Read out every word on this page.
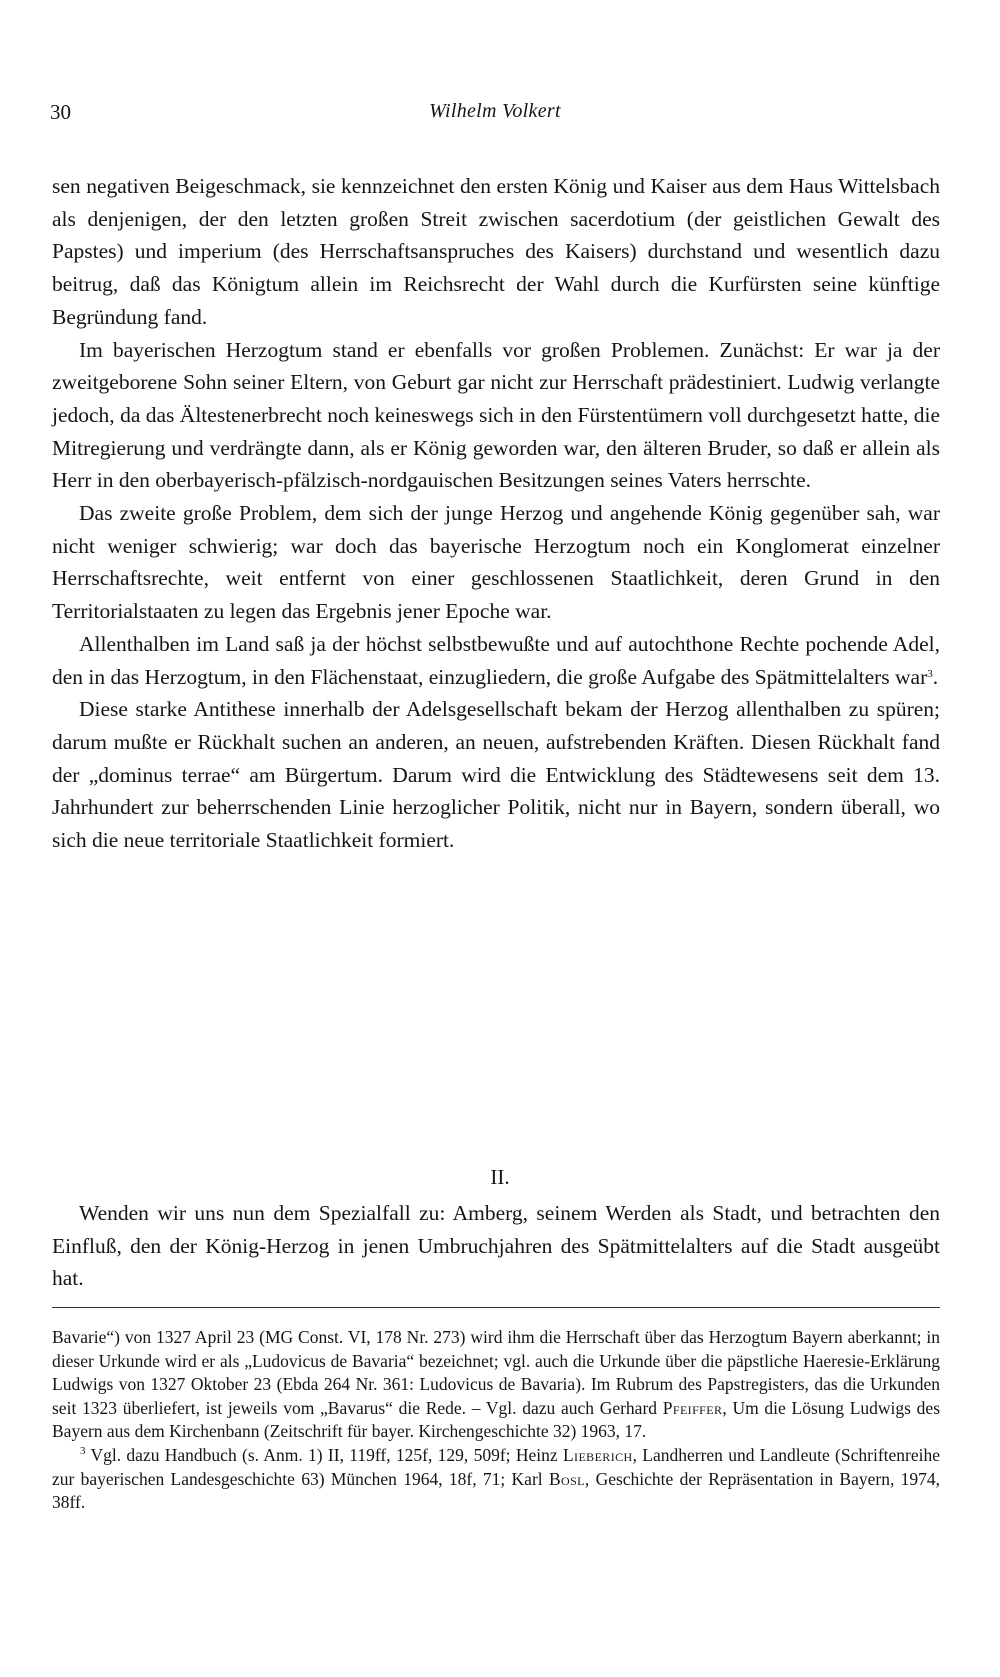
30	Wilhelm Volkert

sen negativen Beigeschmack, sie kennzeichnet den ersten König und Kaiser aus dem Haus Wittelsbach als denjenigen, der den letzten großen Streit zwischen sacerdotium (der geistlichen Gewalt des Papstes) und imperium (des Herrschaftsanspruches des Kaisers) durchstand und wesentlich dazu beitrug, daß das Königtum allein im Reichsrecht der Wahl durch die Kurfürsten seine künftige Begründung fand.

Im bayerischen Herzogtum stand er ebenfalls vor großen Problemen. Zunächst: Er war ja der zweitgeborene Sohn seiner Eltern, von Geburt gar nicht zur Herrschaft prädestiniert. Ludwig verlangte jedoch, da das Ältestenerbrecht noch keineswegs sich in den Fürstentümern voll durchgesetzt hatte, die Mitregierung und verdrängte dann, als er König geworden war, den älteren Bruder, so daß er allein als Herr in den oberbayerisch-pfälzisch-nordgauischen Besitzungen seines Vaters herrschte.

Das zweite große Problem, dem sich der junge Herzog und angehende König gegenüber sah, war nicht weniger schwierig; war doch das bayerische Herzogtum noch ein Konglomerat einzelner Herrschaftsrechte, weit entfernt von einer geschlossenen Staatlichkeit, deren Grund in den Territorialstaaten zu legen das Ergebnis jener Epoche war.

Allenthalben im Land saß ja der höchst selbstbewußte und auf autochthone Rechte pochende Adel, den in das Herzogtum, in den Flächenstaat, einzugliedern, die große Aufgabe des Spätmittelalters war$^3$.

Diese starke Antithese innerhalb der Adelsgesellschaft bekam der Herzog allenthalben zu spüren; darum mußte er Rückhalt suchen an anderen, an neuen, aufstrebenden Kräften. Diesen Rückhalt fand der „dominus terrae“ am Bürgertum. Darum wird die Entwicklung des Städtewesens seit dem 13. Jahrhundert zur beherrschenden Linie herzoglicher Politik, nicht nur in Bayern, sondern überall, wo sich die neue territoriale Staatlichkeit formiert.

II.

Wenden wir uns nun dem Spezialfall zu: Amberg, seinem Werden als Stadt, und betrachten den Einfluß, den der König-Herzog in jenen Umbruchjahren des Spätmittelalters auf die Stadt ausgeübt hat.

Bavarie“) von 1327 April 23 (MG Const. VI, 178 Nr. 273) wird ihm die Herrschaft über das Herzogtum Bayern aberkannt; in dieser Urkunde wird er als „Ludovicus de Bavaria“ bezeichnet; vgl. auch die Urkunde über die päpstliche Haeresie-Erklärung Ludwigs von 1327 Oktober 23 (Ebda 264 Nr. 361: Ludovicus de Bavaria). Im Rubrum des Papstregisters, das die Urkunden seit 1323 überliefert, ist jeweils vom „Bavarus“ die Rede. – Vgl. dazu auch Gerhard Pfeiffer, Um die Lösung Ludwigs des Bayern aus dem Kirchenbann (Zeitschrift für bayer. Kirchengeschichte 32) 1963, 17.

$^3$ Vgl. dazu Handbuch (s. Anm. 1) II, 119ff, 125f, 129, 509f; Heinz Lieberich, Landherren und Landleute (Schriftenreihe zur bayerischen Landesgeschichte 63) München 1964, 18f, 71; Karl Bosl, Geschichte der Repräsentation in Bayern, 1974, 38ff.
